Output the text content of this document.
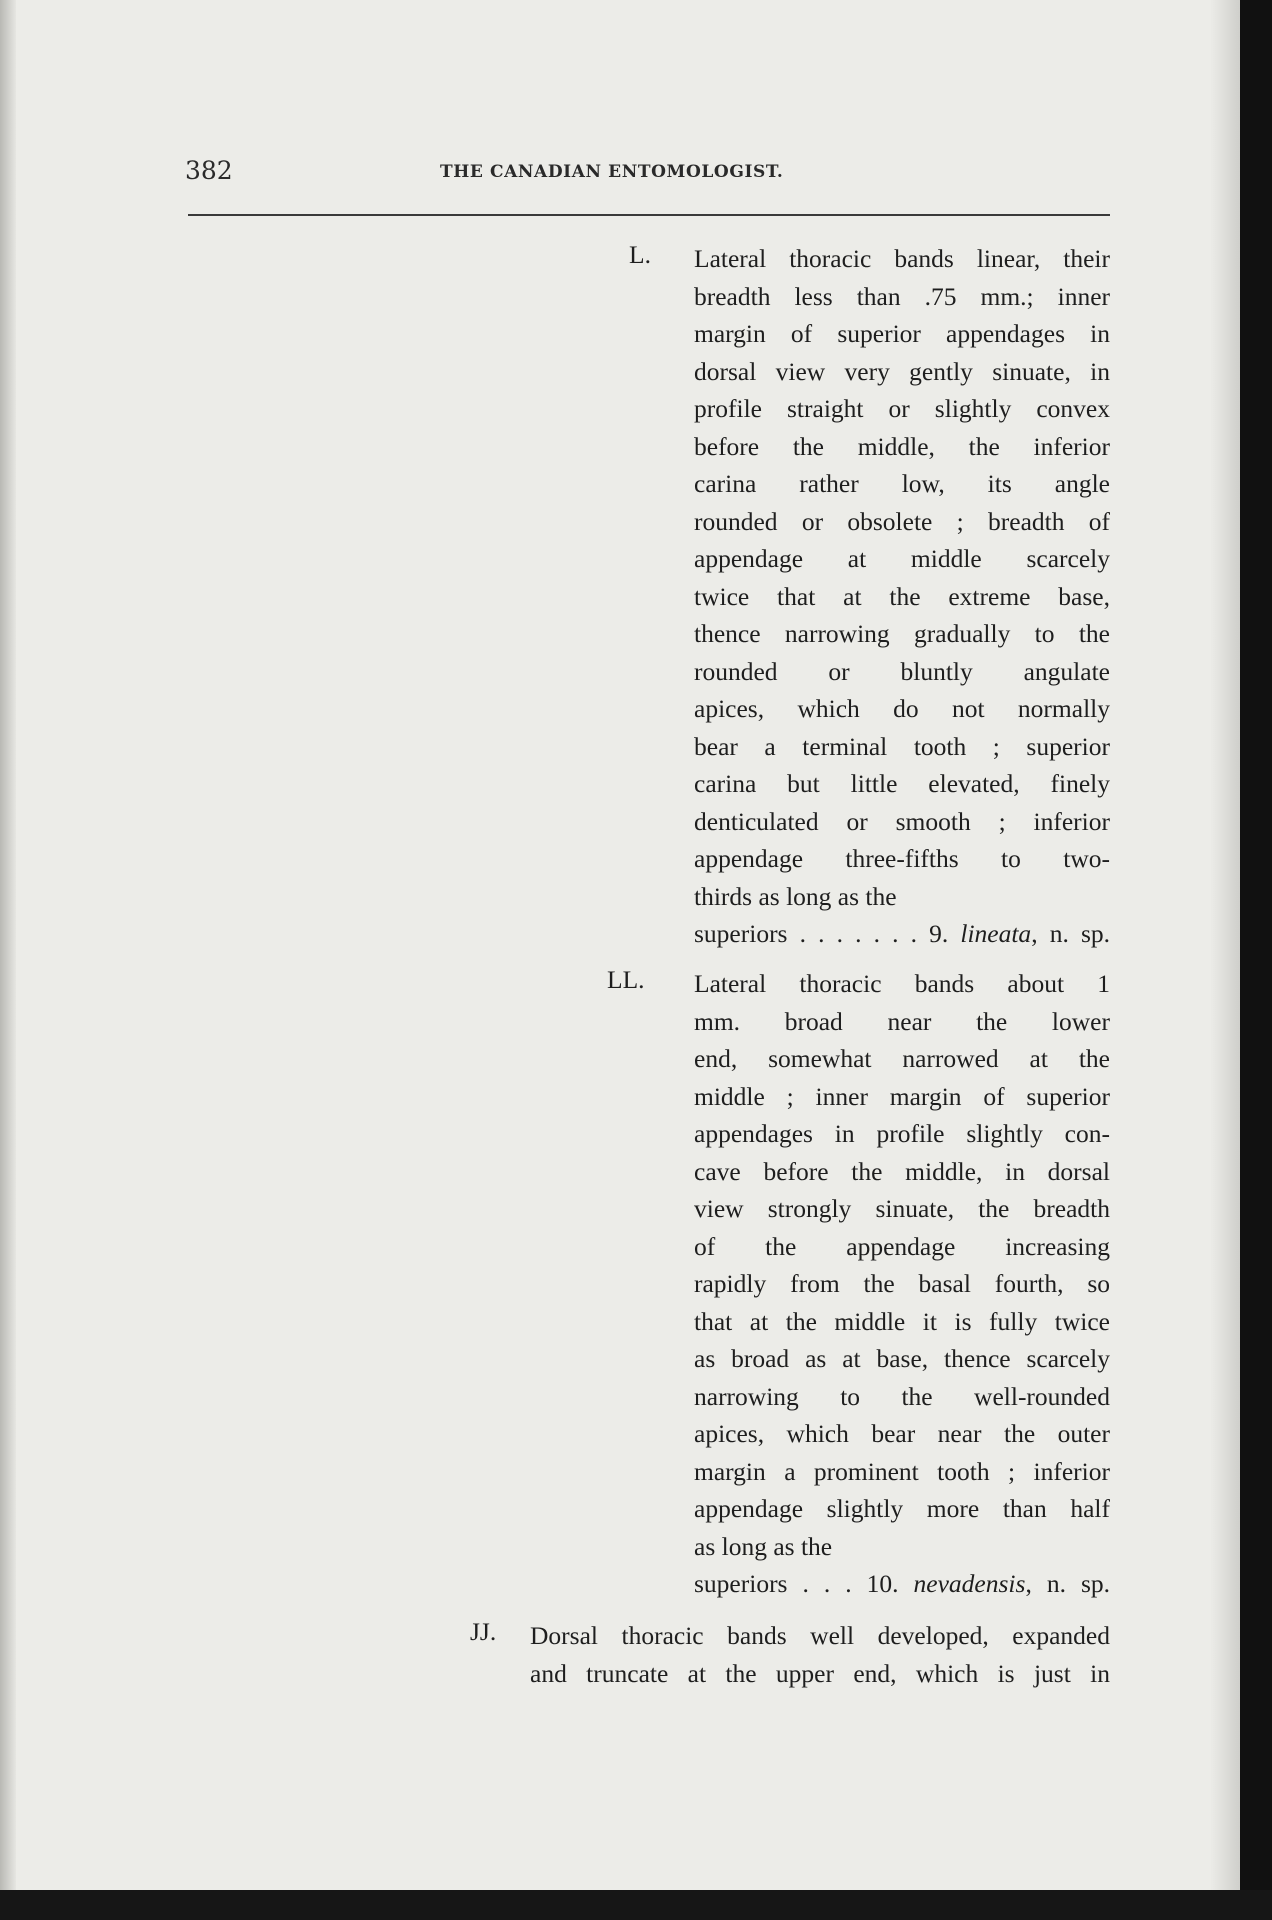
382	THE CANADIAN ENTOMOLOGIST.
L. Lateral thoracic bands linear, their
breadth less than .75 mm.; inner
margin of superior appendages in
dorsal view very gently sinuate, in
profile straight or slightly convex
before the middle, the inferior
carina rather low, its angle
rounded or obsolete ; breadth of
appendage at middle scarcely
twice that at the extreme base,
thence narrowing gradually to the
rounded or bluntly angulate
apices, which do not normally
bear a terminal tooth ; superior
carina but little elevated, finely
denticulated or smooth ; inferior
appendage three-fifths to two-
thirds as long as the
superiors . . . . . . . 9. lineata, n. sp.
LL. Lateral thoracic bands about 1
mm. broad near the lower
end, somewhat narrowed at the
middle ; inner margin of superior
appendages in profile slightly con-
cave before the middle, in dorsal
view strongly sinuate, the breadth
of the appendage increasing
rapidly from the basal fourth, so
that at the middle it is fully twice
as broad as at base, thence scarcely
narrowing to the well-rounded
apices, which bear near the outer
margin a prominent tooth ; inferior
appendage slightly more than half
as long as the
superiors . . . 10. nevadensis, n. sp.
JJ. Dorsal thoracic bands well developed, expanded
and truncate at the upper end, which is just in
